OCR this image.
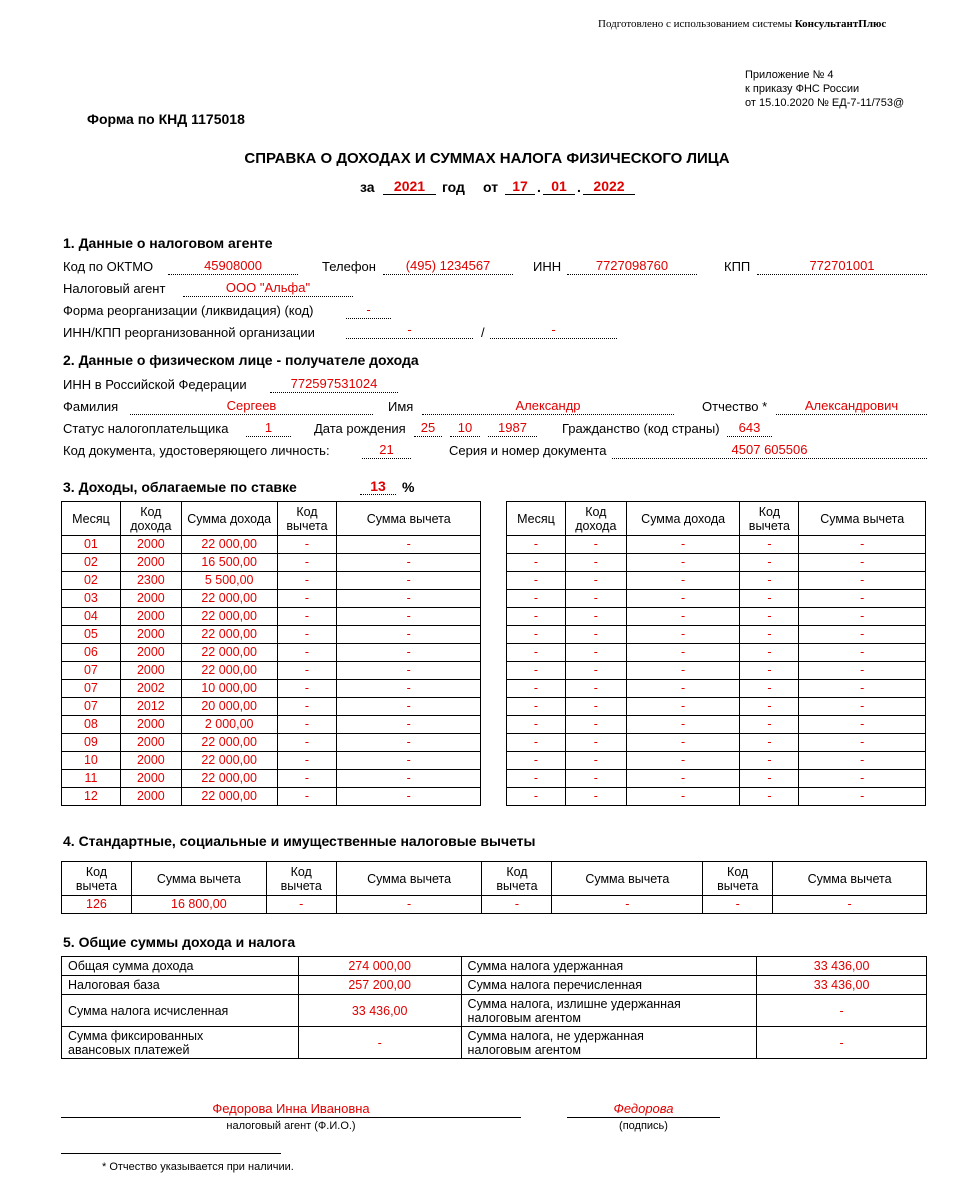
Подготовлено с использованием системы КонсультантПлюс
Приложение № 4
к приказу ФНС России
от 15.10.2020 № ЕД-7-11/753@
Форма по КНД 1175018
СПРАВКА О ДОХОДАХ И СУММАХ НАЛОГА ФИЗИЧЕСКОГО ЛИЦА
за	2021	год от	17 . 01 . 2022
1. Данные о налоговом агенте
Код по ОКТМО	45908000	Телефон	(495) 1234567	ИНН	7727098760	КПП	772701001
Налоговый агент	ООО "Альфа"
Форма реорганизации (ликвидация) (код)	-
ИНН/КПП реорганизованной организации	-	/	-
2. Данные о физическом лице - получателе дохода
ИНН в Российской Федерации	772597531024
Фамилия	Сергеев	Имя	Александр	Отчество *	Александрович
Статус налогоплательщика	1	Дата рождения	25	10	1987	Гражданство (код страны)	643
Код документа, удостоверяющего личность:	21	Серия и номер документа	4507 605506
3. Доходы, облагаемые по ставке	13	%
Месяц	Код
дохода	Сумма дохода	Код
вычета	Сумма вычета
01	2000	22 000,00	-	-
02	2000	16 500,00	-	-
02	2300	5 500,00	-	-
03	2000	22 000,00	-	-
04	2000	22 000,00	-	-
05	2000	22 000,00	-	-
06	2000	22 000,00	-	-
07	2000	22 000,00	-	-
07	2002	10 000,00	-	-
07	2012	20 000,00	-	-
08	2000	2 000,00	-	-
09	2000	22 000,00	-	-
10	2000	22 000,00	-	-
11	2000	22 000,00	-	-
12	2000	22 000,00	-	-
Месяц	Код
дохода	Сумма дохода	Код
вычета	Сумма вычета
-	-	-	-	-
-	-	-	-	-
-	-	-	-	-
-	-	-	-	-
-	-	-	-	-
-	-	-	-	-
-	-	-	-	-
-	-	-	-	-
-	-	-	-	-
-	-	-	-	-
-	-	-	-	-
-	-	-	-	-
-	-	-	-	-
-	-	-	-	-
-	-	-	-	-
4. Стандартные, социальные и имущественные налоговые вычеты
Код
вычета	Сумма вычета	Код
вычета	Сумма вычета	Код
вычета	Сумма вычета	Код
вычета	Сумма вычета
126	16 800,00	-	-	-	-	-	-
5. Общие суммы дохода и налога
Общая сумма дохода	274 000,00	Сумма налога удержанная	33 436,00
Налоговая база	257 200,00	Сумма налога перечисленная	33 436,00
Сумма налога исчисленная	33 436,00	Сумма налога, излишне удержанная
налоговым агентом	-
Сумма фиксированных
авансовых платежей	-	Сумма налога, не удержанная
налоговым агентом	-
Федорова Инна Ивановна
налоговый агент (Ф.И.О.)
Федорова
(подпись)
* Отчество указывается при наличии.
